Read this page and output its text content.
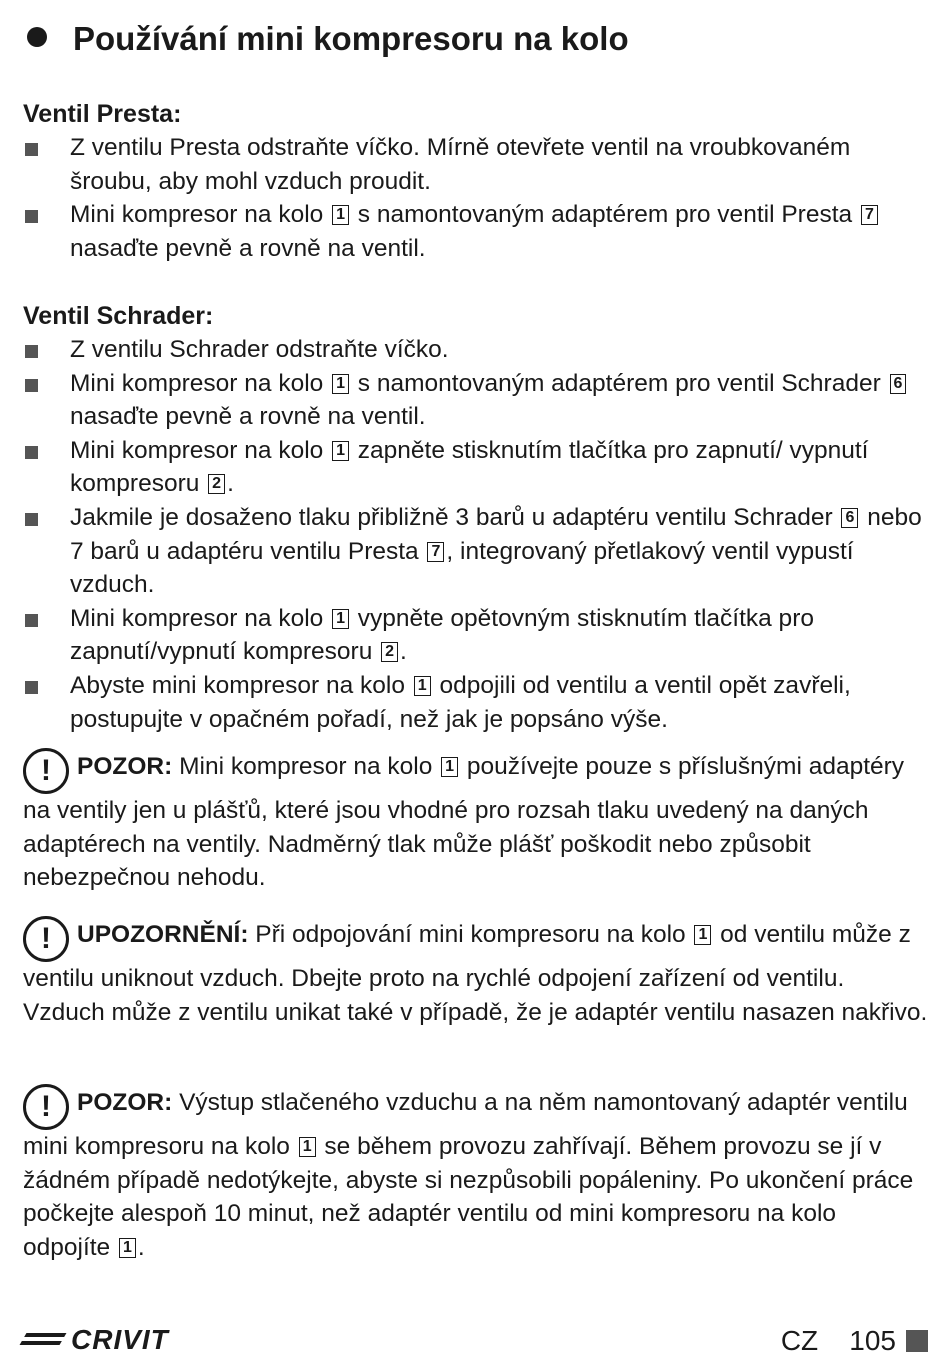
Používání mini kompresoru na kolo
Ventil Presta:
Z ventilu Presta odstraňte víčko. Mírně otevřete ventil na vroubkovaném šroubu, aby mohl vzduch proudit.
Mini kompresor na kolo 1 s namontovaným adaptérem pro ventil Presta 7 nasaďte pevně a rovně na ventil.
Ventil Schrader:
Z ventilu Schrader odstraňte víčko.
Mini kompresor na kolo 1 s namontovaným adaptérem pro ventil Schrader 6 nasaďte pevně a rovně na ventil.
Mini kompresor na kolo 1 zapněte stisknutím tlačítka pro zapnutí/ vypnutí kompresoru 2 .
Jakmile je dosaženo tlaku přibližně 3 barů u adaptéru ventilu Schrader 6 nebo 7 barů u adaptéru ventilu Presta 7 , integrovaný přetlakový ventil vypustí vzduch.
Mini kompresor na kolo 1 vypněte opětovným stisknutím tlačítka pro zapnutí/vypnutí kompresoru 2 .
Abyste mini kompresor na kolo 1 odpojili od ventilu a ventil opět zavřeli, postupujte v opačném pořadí, než jak je popsáno výše.
! POZOR: Mini kompresor na kolo 1 používejte pouze s příslušnými adaptéry na ventily jen u plášťů, které jsou vhodné pro rozsah tlaku uvedený na daných adaptérech na ventily. Nadměrný tlak může plášť poškodit nebo způsobit nebezpečnou nehodu.
! UPOZORNĚNÍ: Při odpojování mini kompresoru na kolo 1 od ventilu může z ventilu uniknout vzduch. Dbejte proto na rychlé odpojení zařízení od ventilu. Vzduch může z ventilu unikat také v případě, že je adaptér ventilu nasazen nakřivo.
! POZOR: Výstup stlačeného vzduchu a na něm namontovaný adaptér ventilu mini kompresoru na kolo 1 se během provozu zahřívají. Během provozu se jí v žádném případě nedotýkejte, abyste si nezpůsobili popáleniny. Po ukončení práce počkejte alespoň 10 minut, než adaptér ventilu od mini kompresoru na kolo odpojíte 1 .
CRIVIT	CZ 105
